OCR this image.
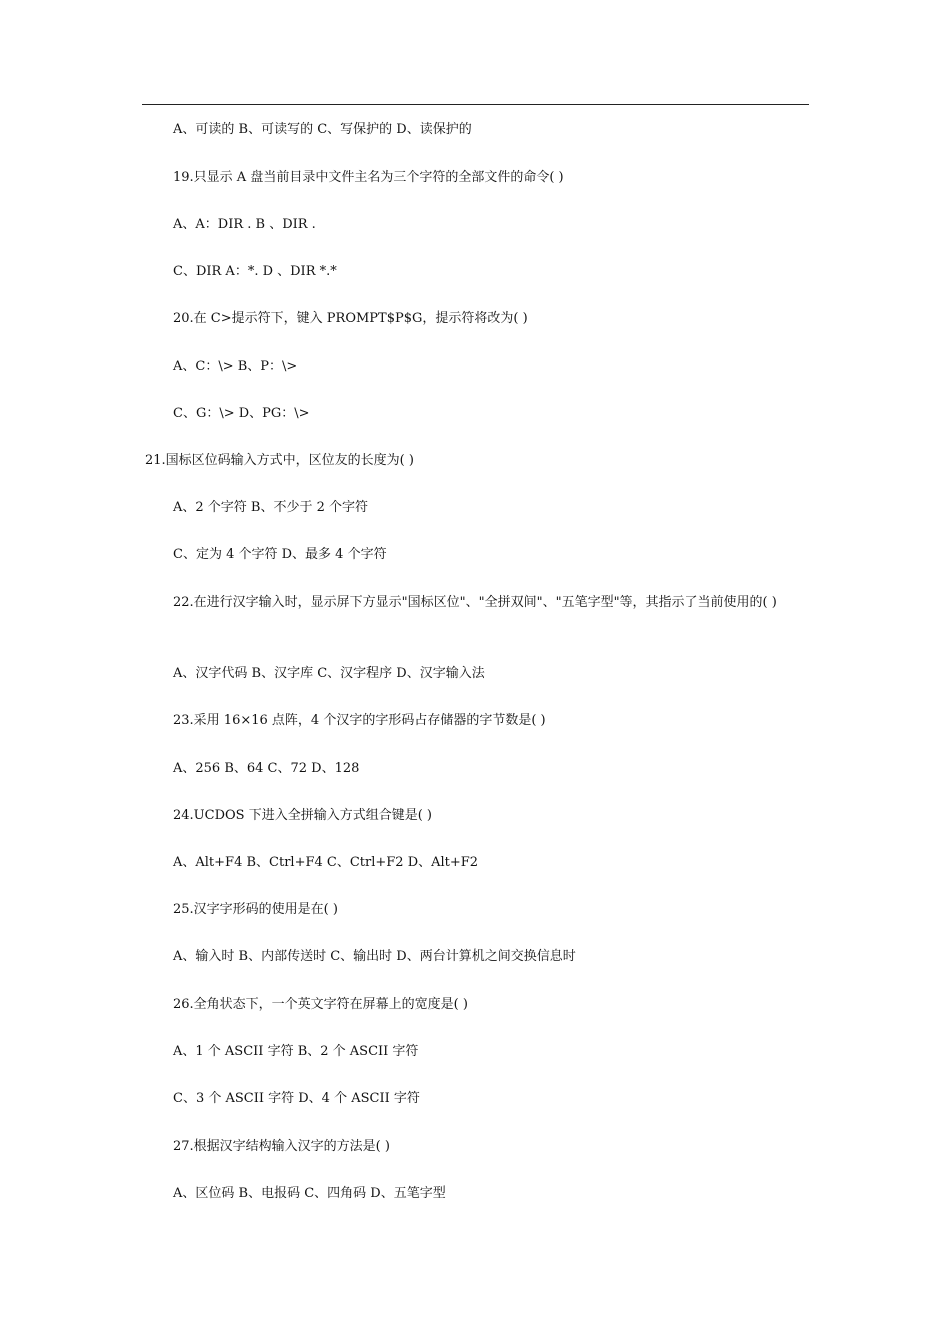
A、可读的 B、可读写的 C、写保护的 D、读保护的
19.只显示 A 盘当前目录中文件主名为三个字符的全部文件的命令( )
A、A：DIR . B 、DIR .
C、DIR A：*. D 、DIR *.*
20.在 C>提示符下，键入 PROMPT$P$G，提示符将改为( )
A、C：\> B、P：\>
C、G：\> D、PG：\>
21.国标区位码输入方式中，区位友的长度为( )
A、2 个字符 B、不少于 2 个字符
C、定为 4 个字符 D、最多 4 个字符
22.在进行汉字输入时，显示屏下方显示"国标区位"、"全拼双间"、"五笔字型"等，其指示了当前使用的( )
A、汉字代码 B、汉字库 C、汉字程序 D、汉字输入法
23.采用 16×16 点阵，4 个汉字的字形码占存储器的字节数是( )
A、256 B、64 C、72 D、128
24.UCDOS 下进入全拼输入方式组合键是( )
A、Alt+F4 B、Ctrl+F4 C、Ctrl+F2 D、Alt+F2
25.汉字字形码的使用是在( )
A、输入时 B、内部传送时 C、输出时 D、两台计算机之间交换信息时
26.全角状态下，一个英文字符在屏幕上的宽度是( )
A、1 个 ASCII 字符 B、2 个 ASCII 字符
C、3 个 ASCII 字符 D、4 个 ASCII 字符
27.根据汉字结构输入汉字的方法是( )
A、区位码 B、电报码 C、四角码 D、五笔字型
